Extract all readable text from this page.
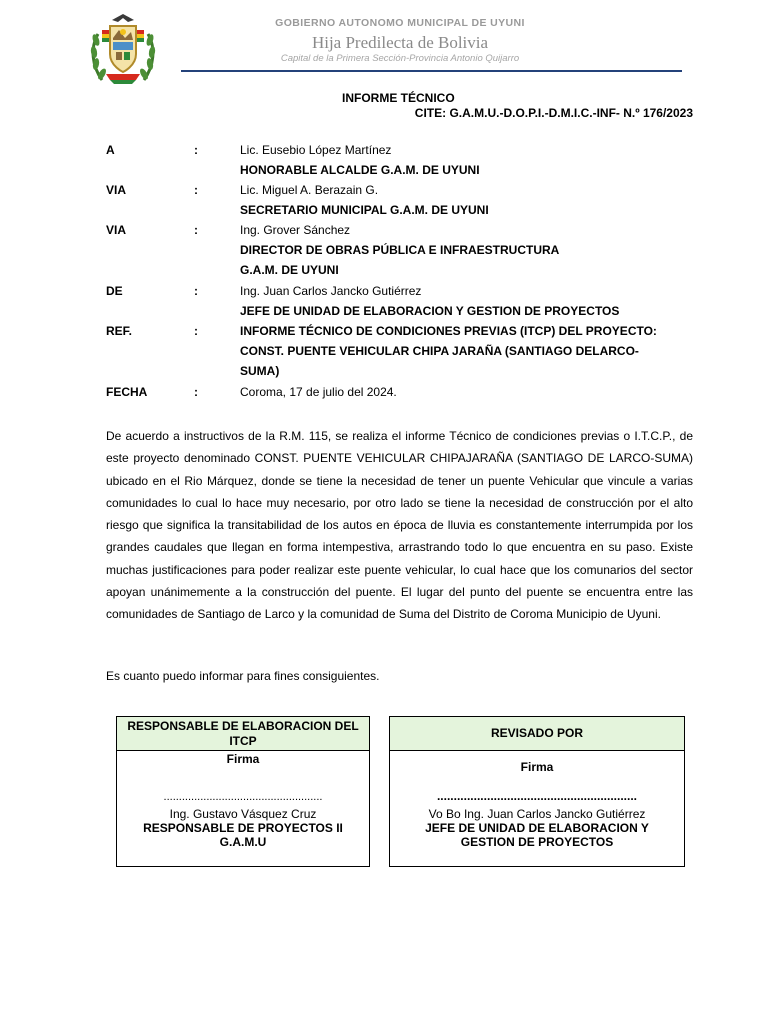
GOBIERNO AUTONOMO MUNICIPAL DE UYUNI
Hija Predilecta de Bolivia
Capital de la Primera Sección-Provincia Antonio Quijarro
INFORME TÉCNICO
CITE: G.A.M.U.-D.O.P.I.-D.M.I.C.-INF- N.º 176/2023
A	:	Lic. Eusebio López Martínez
HONORABLE ALCALDE G.A.M. DE UYUNI
VIA	:	Lic. Miguel A. Berazain G.
SECRETARIO MUNICIPAL G.A.M. DE UYUNI
VIA	:	Ing. Grover Sánchez
DIRECTOR DE OBRAS PÚBLICA E INFRAESTRUCTURA
G.A.M. DE UYUNI
DE	:	Ing. Juan Carlos Jancko Gutiérrez
JEFE DE UNIDAD DE ELABORACION Y GESTION DE PROYECTOS
REF.	:	INFORME TÉCNICO DE CONDICIONES PREVIAS (ITCP) DEL PROYECTO:
CONST. PUENTE VEHICULAR CHIPA JARAÑA (SANTIAGO DELARCO-
SUMA)
FECHA	:	Coroma, 17 de julio del 2024.
De acuerdo a instructivos de la R.M. 115, se realiza el informe Técnico de condiciones previas o I.T.C.P., de este proyecto denominado CONST. PUENTE VEHICULAR CHIPAJARAÑA (SANTIAGO DE LARCO-SUMA) ubicado en el Rio Márquez, donde se tiene la necesidad de tener un puente Vehicular que vincule a varias comunidades lo cual lo hace muy necesario, por otro lado se tiene la necesidad de construcción por el alto riesgo que significa la transitabilidad de los autos en época de lluvia es constantemente interrumpida por los grandes caudales que llegan en forma intempestiva, arrastrando todo lo que encuentra en su paso. Existe muchas justificaciones para poder realizar este puente vehicular, lo cual hace que los comunarios del sector apoyan unánimemente a la construcción del puente. El lugar del punto del puente se encuentra entre las comunidades de Santiago de Larco y la comunidad de Suma del Distrito de Coroma Municipio de Uyuni.
Es cuanto puedo informar para fines consiguientes.
RESPONSABLE DE ELABORACION DEL ITCP
Firma
....................................................
Ing. Gustavo Vásquez Cruz
RESPONSABLE DE PROYECTOS II
G.A.M.U
REVISADO POR
Firma
............................................................
Vo Bo Ing. Juan Carlos Jancko Gutiérrez
JEFE DE UNIDAD DE ELABORACION Y
GESTION DE PROYECTOS
